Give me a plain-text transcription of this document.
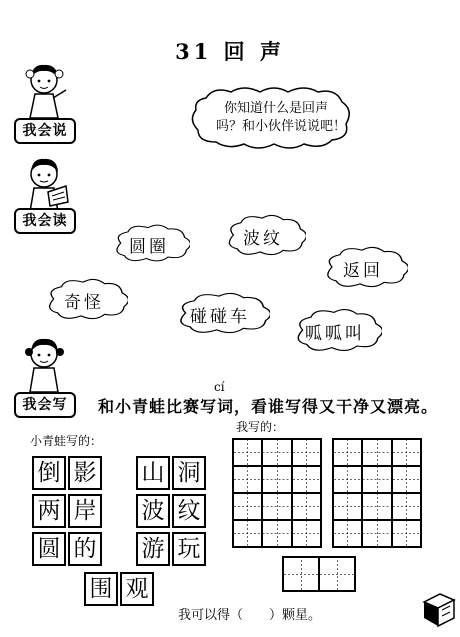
31 回 声
我会说
你知道什么是回声
吗？和小伙伴说说吧！
我会读
圆圈	波纹
返回
奇怪
碰碰车
呱呱叫
我会写
cí
和小青蛙比赛写词，看谁写得又干净又漂亮。
小青蛙写的：
我写的：
倒 影
两 岸
圆 的
山 洞
波 纹
游 玩
围 观
我可以得（　　）颗星。
